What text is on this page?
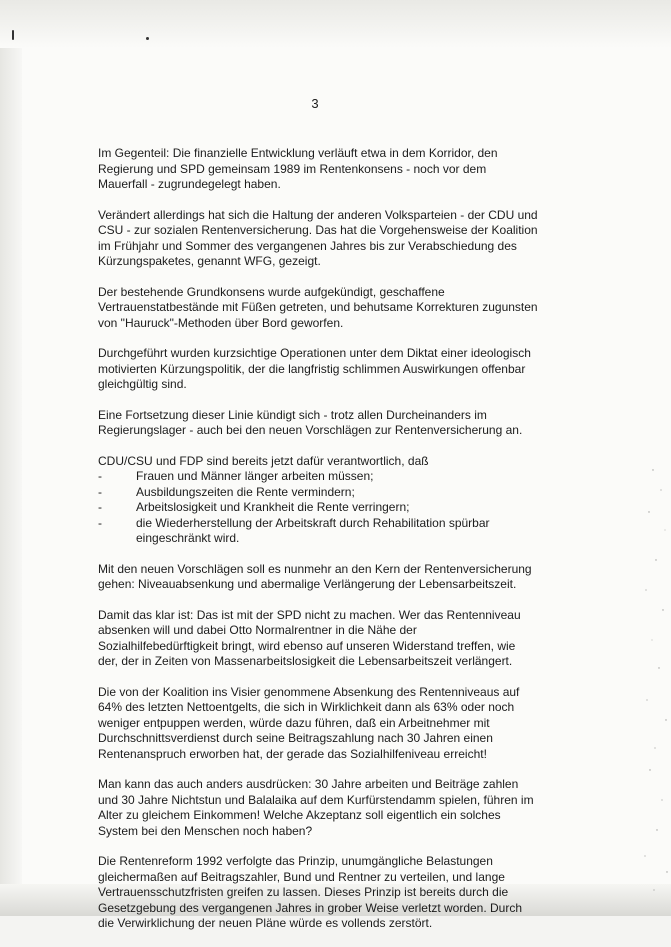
3

Im Gegenteil: Die finanzielle Entwicklung verläuft etwa in dem Korridor, den Regierung und SPD gemeinsam 1989 im Rentenkonsens - noch vor dem Mauerfall - zugrundegelegt haben.

Verändert allerdings hat sich die Haltung der anderen Volksparteien - der CDU und CSU - zur sozialen Rentenversicherung. Das hat die Vorgehensweise der Koalition im Frühjahr und Sommer des vergangenen Jahres bis zur Verabschiedung des Kürzungspaketes, genannt WFG, gezeigt.

Der bestehende Grundkonsens wurde aufgekündigt, geschaffene Vertrauenstatbestände mit Füßen getreten, und behutsame Korrekturen zugunsten von "Hauruck"-Methoden über Bord geworfen.

Durchgeführt wurden kurzsichtige Operationen unter dem Diktat einer ideologisch motivierten Kürzungspolitik, der die langfristig schlimmen Auswirkungen offenbar gleichgültig sind.

Eine Fortsetzung dieser Linie kündigt sich - trotz allen Durcheinanders im Regierungslager - auch bei den neuen Vorschlägen zur Rentenversicherung an.

CDU/CSU und FDP sind bereits jetzt dafür verantwortlich, daß

-	Frauen und Männer länger arbeiten müssen;
-	Ausbildungszeiten die Rente vermindern;
-	Arbeitslosigkeit und Krankheit die Rente verringern;
-	die Wiederherstellung der Arbeitskraft durch Rehabilitation spürbar eingeschränkt wird.

Mit den neuen Vorschlägen soll es nunmehr an den Kern der Rentenversicherung gehen: Niveauabsenkung und abermalige Verlängerung der Lebensarbeitszeit.

Damit das klar ist: Das ist mit der SPD nicht zu machen. Wer das Rentenniveau absenken will und dabei Otto Normalrentner in die Nähe der Sozialhilfebedürftigkeit bringt, wird ebenso auf unseren Widerstand treffen, wie der, der in Zeiten von Massenarbeitslosigkeit die Lebensarbeitszeit verlängert.

Die von der Koalition ins Visier genommene Absenkung des Rentenniveaus auf 64% des letzten Nettoentgelts, die sich in Wirklichkeit dann als 63% oder noch weniger entpuppen werden, würde dazu führen, daß ein Arbeitnehmer mit Durchschnittsverdienst durch seine Beitragszahlung nach 30 Jahren einen Rentenanspruch erworben hat, der gerade das Sozialhilfeniveau erreicht!

Man kann das auch anders ausdrücken: 30 Jahre arbeiten und Beiträge zahlen und 30 Jahre Nichtstun und Balalaika auf dem Kurfürstendamm spielen, führen im Alter zu gleichem Einkommen! Welche Akzeptanz soll eigentlich ein solches System bei den Menschen noch haben?

Die Rentenreform 1992 verfolgte das Prinzip, unumgängliche Belastungen gleichermaßen auf Beitragszahler, Bund und Rentner zu verteilen, und lange Vertrauensschutzfristen greifen zu lassen. Dieses Prinzip ist bereits durch die Gesetzgebung des vergangenen Jahres in grober Weise verletzt worden. Durch die Verwirklichung der neuen Pläne würde es vollends zerstört.
